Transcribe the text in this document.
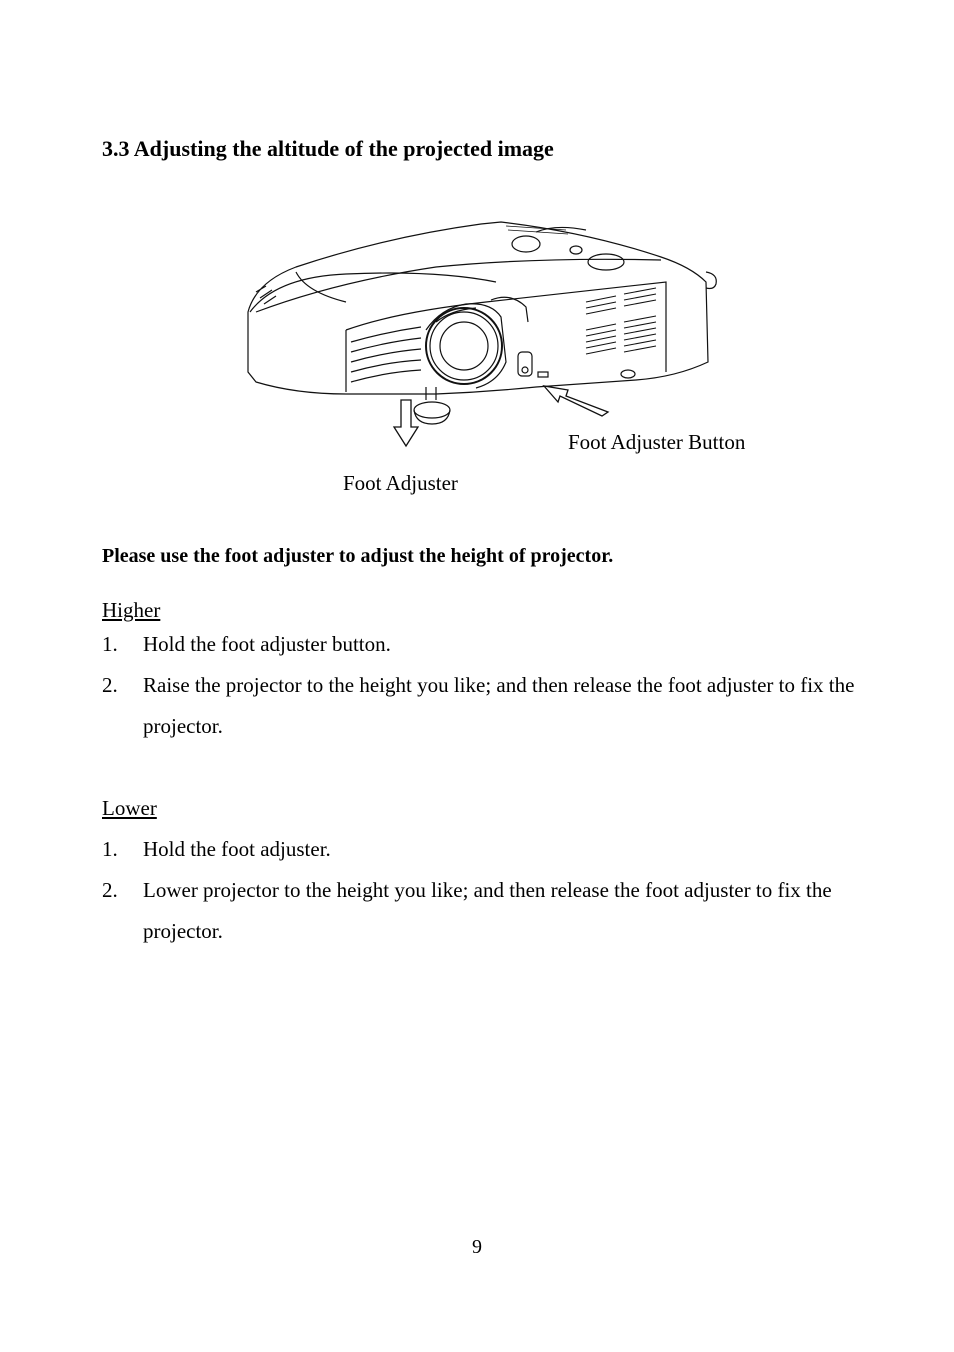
3.3 Adjusting the altitude of the projected image
Foot Adjuster Button
Foot Adjuster
Please use the foot adjuster to adjust the height of projector.
Higher
1. Hold the foot adjuster button.
2. Raise the projector to the height you like; and then release the foot adjuster to fix the projector.
Lower
1. Hold the foot adjuster.
2. Lower projector to the height you like; and then release the foot adjuster to fix the projector.
9
